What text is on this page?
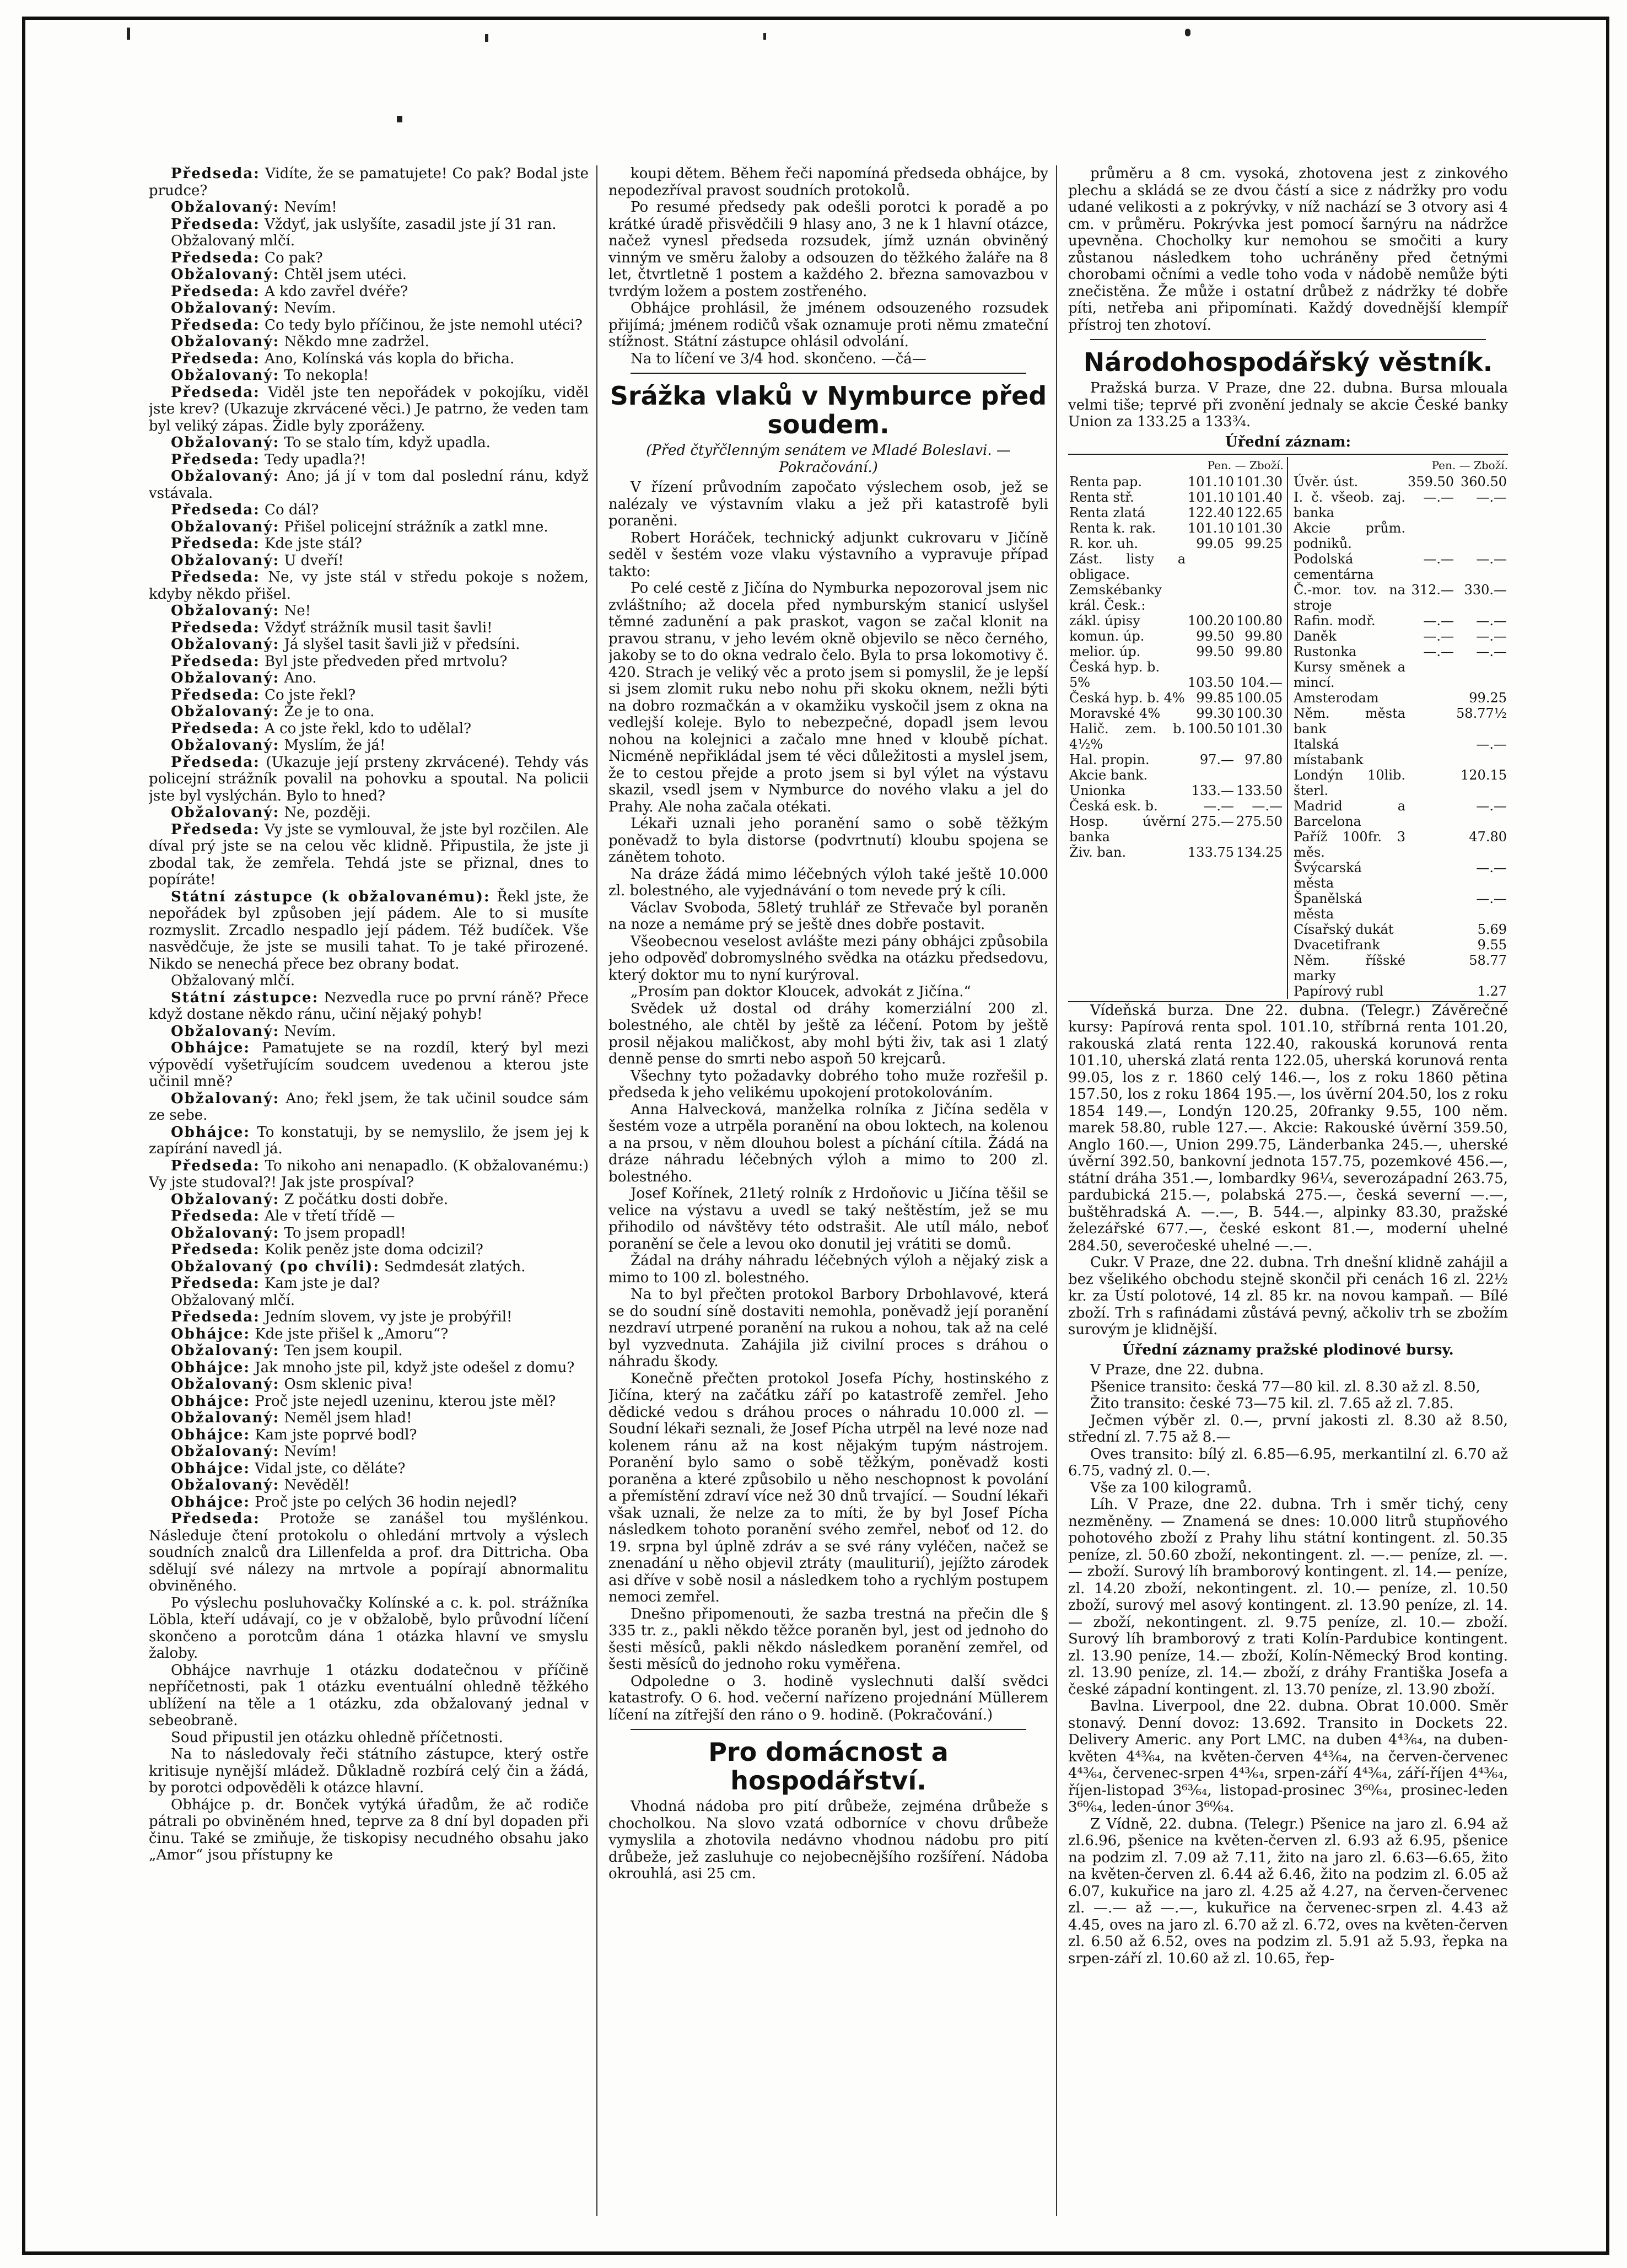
Předseda: Vidíte, že se pamatujete! Co pak? Bodal jste prudce?

Obžalovaný: Nevím!

Předseda: Vždyť, jak uslyšíte, zasadil jste jí 31 ran.

Obžalovaný mlčí.

Předseda: Co pak?

Obžalovaný: Chtěl jsem utéci.

Předseda: A kdo zavřel dvéře?

Obžalovaný: Nevím.

Předseda: Co tedy bylo příčinou, že jste nemohl utéci?

Obžalovaný: Někdo mne zadržel.

Předseda: Ano, Kolínská vás kopla do břicha.

Obžalovaný: To nekopla!

Předseda: Viděl jste ten nepořádek v pokojíku, viděl jste krev? (Ukazuje zkrvácené věci.) Je patrno, že veden tam byl veliký zápas. Židle byly zporáženy.

Obžalovaný: To se stalo tím, když upadla.

Předseda: Tedy upadla?!

Obžalovaný: Ano; já jí v tom dal poslední ránu, když vstávala.

Předseda: Co dál?

Obžalovaný: Přišel policejní strážník a zatkl mne.

Předseda: Kde jste stál?

Obžalovaný: U dveří!

Předseda: Ne, vy jste stál v středu pokoje s nožem, kdyby někdo přišel.

Obžalovaný: Ne!

Předseda: Vždyť strážník musil tasit šavli!

Obžalovaný: Já slyšel tasit šavli již v předsíni.

Předseda: Byl jste předveden před mrtvolu?

Obžalovaný: Ano.

Předseda: Co jste řekl?

Obžalovaný: Že je to ona.

Předseda: A co jste řekl, kdo to udělal?

Obžalovaný: Myslím, že já!

Předseda: (Ukazuje její prsteny zkrvácené). Tehdy vás policejní strážník povalil na pohovku a spoutal. Na policii jste byl vyslýchán. Bylo to hned?

Obžalovaný: Ne, později.

Předseda: Vy jste se vymlouval, že jste byl rozčilen. Ale díval prý jste se na celou věc klidně. Připustila, že jste ji zbodal tak, že zemřela. Tehdá jste se přiznal, dnes to popíráte!

Státní zástupce (k obžalovanému): Řekl jste, že nepořádek byl způsoben její pádem. Ale to si musíte rozmyslit. Zrcadlo nespadlo její pádem. Též budíček. Vše nasvědčuje, že jste se musili tahat. To je také přirozené. Nikdo se nenechá přece bez obrany bodat.

Obžalovaný mlčí.

Státní zástupce: Nezvedla ruce po první ráně? Přece když dostane někdo ránu, učiní nějaký pohyb!

Obžalovaný: Nevím.

Obhájce: Pamatujete se na rozdíl, který byl mezi výpovědí vyšetřujícím soudcem uvedenou a kterou jste učinil mně?

Obžalovaný: Ano; řekl jsem, že tak učinil soudce sám ze sebe.

Obhájce: To konstatuji, by se nemyslilo, že jsem jej k zapírání navedl já.

Předseda: To nikoho ani nenapadlo. (K obžalovanému:) Vy jste studoval?! Jak jste prospíval?

Obžalovaný: Z počátku dosti dobře.

Předseda: Ale v třetí třídě —

Obžalovaný: To jsem propadl!

Předseda: Kolik peněz jste doma odcizil?

Obžalovaný (po chvíli): Sedmdesát zlatých.

Předseda: Kam jste je dal?

Obžalovaný mlčí.

Předseda: Jedním slovem, vy jste je probýřil!

Obhájce: Kde jste přišel k „Amoru“?

Obžalovaný: Ten jsem koupil.

Obhájce: Jak mnoho jste pil, když jste odešel z domu?

Obžalovaný: Osm sklenic piva!

Obhájce: Proč jste nejedl uzeninu, kterou jste měl?

Obžalovaný: Neměl jsem hlad!

Obhájce: Kam jste poprvé bodl?

Obžalovaný: Nevím!

Obhájce: Vidal jste, co děláte?

Obžalovaný: Nevěděl!

Obhájce: Proč jste po celých 36 hodin nejedl?

Předseda: Protože se zanášel tou myšlénkou. Následuje čtení protokolu o ohledání mrtvoly a výslech soudních znalců dra Lillenfelda a prof. dra Dittricha. Oba sdělují své nálezy na mrtvole a popírají abnormalitu obviněného.

Po výslechu posluhovačky Kolínské a c. k. pol. strážníka Löbla, kteří udávají, co je v obžalobě, bylo průvodní líčení skončeno a porotcům dána 1 otázka hlavní ve smyslu žaloby.

Obhájce navrhuje 1 otázku dodatečnou v příčině nepříčetnosti, pak 1 otázku eventuální ohledně těžkého ublížení na těle a 1 otázku, zda obžalovaný jednal v sebeobraně.

Soud připustil jen otázku ohledně příčetnosti.

Na to následovaly řeči státního zástupce, který ostře kritisuje nynější mládež. Důkladně rozbírá celý čin a žádá, by porotci odpověděli k otázce hlavní.

Obhájce p. dr. Bonček vytýká úřadům, že ač rodiče pátrali po obviněném hned, teprve za 8 dní byl dopaden při činu. Také se zmiňuje, že tiskopisy necudného obsahu jako „Amor“ jsou přístupny ke

koupi dětem. Během řeči napomíná předseda obhájce, by nepodezříval pravost soudních protokolů.

Po resumé předsedy pak odešli porotci k poradě a po krátké úradě přisvědčili 9 hlasy ano, 3 ne k 1 hlavní otázce, načež vynesl předseda rozsudek, jímž uznán obviněný vinným ve směru žaloby a odsouzen do těžkého žaláře na 8 let, čtvrtletně 1 postem a každého 2. března samovazbou v tvrdým ložem a postem zostřeného.

Obhájce prohlásil, že jménem odsouzeného rozsudek přijímá; jménem rodičů však oznamuje proti němu zmateční stížnost. Státní zástupce ohlásil odvolání.

Na to líčení ve 3/4 hod. skončeno. —čá—

Srážka vlaků v Nymburce před soudem.
(Před čtyřčlenným senátem ve Mladé Boleslavi. — Pokračování.)

V řízení průvodním započato výslechem osob, jež se nalézaly ve výstavním vlaku a jež při katastrofě byli poraněni.

Robert Horáček, technický adjunkt cukrovaru v Jičíně seděl v šestém voze vlaku výstavního a vypravuje případ takto:

Po celé cestě z Jičína do Nymburka nepozoroval jsem nic zvláštního; až docela před nymburským stanicí uslyšel těmné zadunění a pak praskot, vagon se začal klonit na pravou stranu, v jeho levém okně objevilo se něco černého, jakoby se to do okna vedralo čelo. Byla to prsa lokomotivy č. 420. Strach je veliký věc a proto jsem si pomyslil, že je lepší si jsem zlomit ruku nebo nohu při skoku oknem, nežli býti na dobro rozmačkán a v okamžiku vyskočil jsem z okna na vedlejší koleje. Bylo to nebezpečné, dopadl jsem levou nohou na kolejnici a začalo mne hned v kloubě píchat. Nicméně nepřikládal jsem té věci důležitosti a myslel jsem, že to cestou přejde a proto jsem si byl výlet na výstavu skazil, vsedl jsem v Nymburce do nového vlaku a jel do Prahy. Ale noha začala otékati.

Lékaři uznali jeho poranění samo o sobě těžkým poněvadž to byla distorse (podvrtnutí) kloubu spojena se zánětem tohoto.

Na dráze žádá mimo léčebných výloh také ještě 10.000 zl. bolestného, ale vyjednávání o tom nevede prý k cíli.

Václav Svoboda, 58letý truhlář ze Střevače byl poraněn na noze a nemáme prý se ještě dnes dobře postavit.

Všeobecnou veselost avlášte mezi pány obhájci způsobila jeho odpověď dobromyslného svědka na otázku předsedovu, který doktor mu to nyní kurýroval.

„Prosím pan doktor Kloucek, advokát z Jičína.“

Svědek už dostal od dráhy komerziální 200 zl. bolestného, ale chtěl by ještě za léčení. Potom by ještě prosil nějakou maličkost, aby mohl býti živ, tak asi 1 zlatý denně pense do smrti nebo aspoň 50 krejcarů.

Všechny tyto požadavky dobrého toho muže rozřešil p. předseda k jeho velikému upokojení protokolováním.

Anna Halvecková, manželka rolníka z Jičína seděla v šestém voze a utrpěla poranění na obou loktech, na kolenou a na prsou, v něm dlouhou bolest a píchání cítila. Žádá na dráze náhradu léčebných výloh a mimo to 200 zl. bolestného.

Josef Kořínek, 21letý rolník z Hrdoňovic u Jičína těšil se velice na výstavu a uvedl se taký neštěstím, jež se mu přihodilo od návštěvy této odstrašit. Ale utíl málo, neboť poranění se čele a levou oko donutil jej vrátiti se domů.

Žádal na dráhy náhradu léčebných výloh a nějaký zisk a mimo to 100 zl. bolestného.

Na to byl přečten protokol Barbory Drbohlavové, která se do soudní síně dostaviti nemohla, poněvadž její poranění nezdraví utrpené poranění na rukou a nohou, tak až na celé byl vyzvednuta. Zahájila již civilní proces s dráhou o náhradu škody.

Konečně přečten protokol Josefa Píchy, hostinského z Jičína, který na začátku září po katastrofě zemřel. Jeho dědické vedou s dráhou proces o náhradu 10.000 zl. — Soudní lékaři seznali, že Josef Pícha utrpěl na levé noze nad kolenem ránu až na kost nějakým tupým nástrojem. Poranění bylo samo o sobě těžkým, poněvadž kosti poraněna a které způsobilo u něho neschopnost k povolání a přemístění zdraví více než 30 dnů trvající. — Soudní lékaři však uznali, že nelze za to míti, že by byl Josef Pícha následkem tohoto poranění svého zemřel, neboť od 12. do 19. srpna byl úplně zdráv a se své rány vyléčen, načež se znenadání u něho objevil ztráty (mauliturií), jejížto zárodek asi dříve v sobě nosil a následkem toho a rychlým postupem nemoci zemřel.

Dnešno připomenouti, že sazba trestná na přečin dle § 335 tr. z., pakli někdo těžce poraněn byl, jest od jednoho do šesti měsíců, pakli někdo následkem poranění zemřel, od šesti měsíců do jednoho roku vyměřena.

Odpoledne o 3. hodině vyslechnuti další svědci katastrofy. O 6. hod. večerní nařízeno projednání Müllerem líčení na zítřejší den ráno o 9. hodině. (Pokračování.)

Pro domácnost a hospodářství.

Vhodná nádoba pro pití drůbeže, zejména drůbeže s chocholkou. Na slovo vzatá odborníce v chovu drůbeže vymyslila a zhotovila nedávno vhodnou nádobu pro pití drůbeže, jež zasluhuje co nejobecnějšího rozšíření. Nádoba okrouhlá, asi 25 cm.

průměru a 8 cm. vysoká, zhotovena jest z zinkového plechu a skládá se ze dvou částí a sice z nádržky pro vodu udané velikosti a z pokrývky, v níž nachází se 3 otvory asi 4 cm. v průměru. Pokrývka jest pomocí šarnýru na nádržce upevněna. Chocholky kur nemohou se smočiti a kury zůstanou následkem toho uchráněny před četnými chorobami očními a vedle toho voda v nádobě nemůže býti znečistěna. Že může i ostatní drůbež z nádržky té dobře píti, netřeba ani připomínati. Každý dovednější klempíř přístroj ten zhotoví.

Národohospodářský věstník.

Pražská burza. V Praze, dne 22. dubna. Bursa mlouala velmi tiše; teprvé při zvonění jednaly se akcie České banky Union za 133.25 a 133¾.

Úřední záznam:
Pen. — Zboží.
Renta pap.	101.10	101.30
Renta stř.	101.10	101.40
Renta zlatá	122.40	122.65
Renta k. rak.	101.10	101.30
R. kor. uh.	99.05	99.25
Zást. listy a obligace.		
Zemskébanky král. Česk.:		
zákl. úpisy	100.20	100.80
komun. úp.	99.50	99.80
melior. úp.	99.50	99.80
Česká hyp. b.		
5%	103.50	104.—
Česká hyp. b. 4%	99.85	100.05
Moravské 4%	99.30	100.30
Halič. zem. b. 4½%	100.50	101.30
Hal. propin.	97.—	97.80
Akcie bank.		
Unionka	133.—	133.50
Česká esk. b.	—.—	—.—
Hosp. úvěrní banka	275.—	275.50
Živ. ban.	133.75	134.25
Pen. — Zboží.
Úvěr. úst.	359.50	360.50
I. č. všeob. zaj. banka	—.—	—.—
Akcie prům. podniků.		
Podolská cementárna	—.—	—.—
Č.-mor. tov. na stroje	312.—	330.—
Rafin. modř.	—.—	—.—
Daněk	—.—	—.—
Rustonka	—.—	—.—
Kursy směnek a mincí.		
Amsterodam		99.25
Něm. města bank		58.77½
Italská místabank		—.—
Londýn 10lib. šterl.		120.15
Madrid a Barcelona		—.—
Paříž 100fr. 3 měs.		47.80
Švýcarská města		—.—
Španělská města		—.—
Císařský dukát		5.69
Dvacetifrank		9.55
Něm. říšské marky		58.77
Papírový rubl		1.27

Vídeňská burza. Dne 22. dubna. (Telegr.) Závěrečné kursy: Papírová renta spol. 101.10, stříbrná renta 101.20, rakouská zlatá renta 122.40, rakouská korunová renta 101.10, uherská zlatá renta 122.05, uherská korunová renta 99.05, los z r. 1860 celý 146.—, los z roku 1860 pětina 157.50, los z roku 1864 195.—, los úvěrní 204.50, los z roku 1854 149.—, Londýn 120.25, 20franky 9.55, 100 něm. marek 58.80, ruble 127.—. Akcie: Rakouské úvěrní 359.50, Anglo 160.—, Union 299.75, Länderbanka 245.—, uherské úvěrní 392.50, bankovní jednota 157.75, pozemkové 456.—, státní dráha 351.—, lombardky 96¼, severozápadní 263.75, pardubická 215.—, polabská 275.—, česká severní —.—, buštěhradská A. —.—, B. 544.—, alpinky 83.30, pražské železářské 677.—, české eskont 81.—, moderní uhelné 284.50, severočeské uhelné —.—.

Cukr. V Praze, dne 22. dubna. Trh dnešní klidně zahájil a bez všelikého obchodu stejně skončil při cenách 16 zl. 22½ kr. za Ústí polotové, 14 zl. 85 kr. na novou kampaň. — Bílé zboží. Trh s rafinádami zůstává pevný, ačkoliv trh se zbožím surovým je klidnější.

Úřední záznamy pražské plodinové bursy.

V Praze, dne 22. dubna.

Pšenice transito: česká 77—80 kil. zl. 8.30 až zl. 8.50,

Žito transito: české 73—75 kil. zl. 7.65 až zl. 7.85.

Ječmen výběr zl. 0.—, první jakosti zl. 8.30 až 8.50, střední zl. 7.75 až 8.—

Oves transito: bílý zl. 6.85—6.95, merkantilní zl. 6.70 až 6.75, vadný zl. 0.—.

Vše za 100 kilogramů.

Líh. V Praze, dne 22. dubna. Trh i směr tichý, ceny nezměněny. — Znamená se dnes: 10.000 litrů stupňového pohotového zboží z Prahy lihu státní kontingent. zl. 50.35 peníze, zl. 50.60 zboží, nekontingent. zl. —.— peníze, zl. —.— zboží. Surový líh bramborový kontingent. zl. 14.— peníze, zl. 14.20 zboží, nekontingent. zl. 10.— peníze, zl. 10.50 zboží, surový mel asový kontingent. zl. 13.90 peníze, zl. 14.— zboží, nekontingent. zl. 9.75 peníze, zl. 10.— zboží. Surový líh bramborový z trati Kolín-Pardubice kontingent. zl. 13.90 peníze, 14.— zboží, Kolín-Německý Brod konting. zl. 13.90 peníze, zl. 14.— zboží, z dráhy Františka Josefa a české západní kontingent. zl. 13.70 peníze, zl. 13.90 zboží.

Bavlna. Liverpool, dne 22. dubna. Obrat 10.000. Směr stonavý. Denní dovoz: 13.692. Transito in Dockets 22. Delivery Americ. any Port LMC. na duben 4⁴³⁄₆₄, na duben-květen 4⁴³⁄₆₄, na květen-červen 4⁴³⁄₆₄, na červen-červenec 4⁴³⁄₆₄, červenec-srpen 4⁴³⁄₆₄, srpen-září 4⁴³⁄₆₄, září-říjen 4⁴³⁄₆₄, říjen-listopad 3⁶³⁄₆₄, listopad-prosinec 3⁶⁰⁄₆₄, prosinec-leden 3⁶⁰⁄₆₄, leden-únor 3⁶⁰⁄₆₄.

Z Vídně, 22. dubna. (Telegr.) Pšenice na jaro zl. 6.94 až zl.6.96, pšenice na květen-červen zl. 6.93 až 6.95, pšenice na podzim zl. 7.09 až 7.11, žito na jaro zl. 6.63—6.65, žito na květen-červen zl. 6.44 až 6.46, žito na podzim zl. 6.05 až 6.07, kukuřice na jaro zl. 4.25 až 4.27, na červen-červenec zl. —.— až —.—, kukuřice na červenec-srpen zl. 4.43 až 4.45, oves na jaro zl. 6.70 až zl. 6.72, oves na květen-červen zl. 6.50 až 6.52, oves na podzim zl. 5.91 až 5.93, řepka na srpen-září zl. 10.60 až zl. 10.65, řep-
